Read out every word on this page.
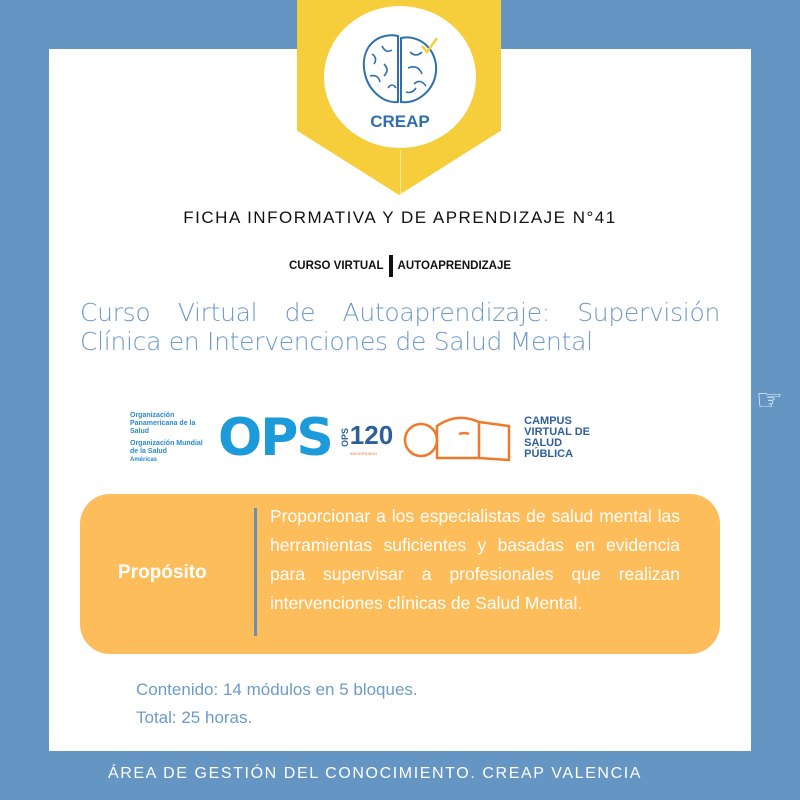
CREAP
FICHA INFORMATIVA Y DE APRENDIZAJE N°41
CURSO VIRTUAL AUTOAPRENDIZAJE
Curso Virtual de Autoaprendizaje: Supervisión Clínica en Intervenciones de Salud Mental
Organización Panamericana de la Salud
Organización Mundial de la Salud
Américas	OPS OPS 120
ANIVERSARIO
CAMPUS VIRTUAL DE SALUD PÚBLICA
Propósito
Proporcionar a los especialistas de salud mental las herramientas suficientes y basadas en evidencia para supervisar a profesionales que realizan intervenciones clínicas de Salud Mental.
Contenido: 14 módulos en 5 bloques.
Total: 25 horas.
ÁREA DE GESTIÓN DEL CONOCIMIENTO. CREAP VALENCIA
☞
